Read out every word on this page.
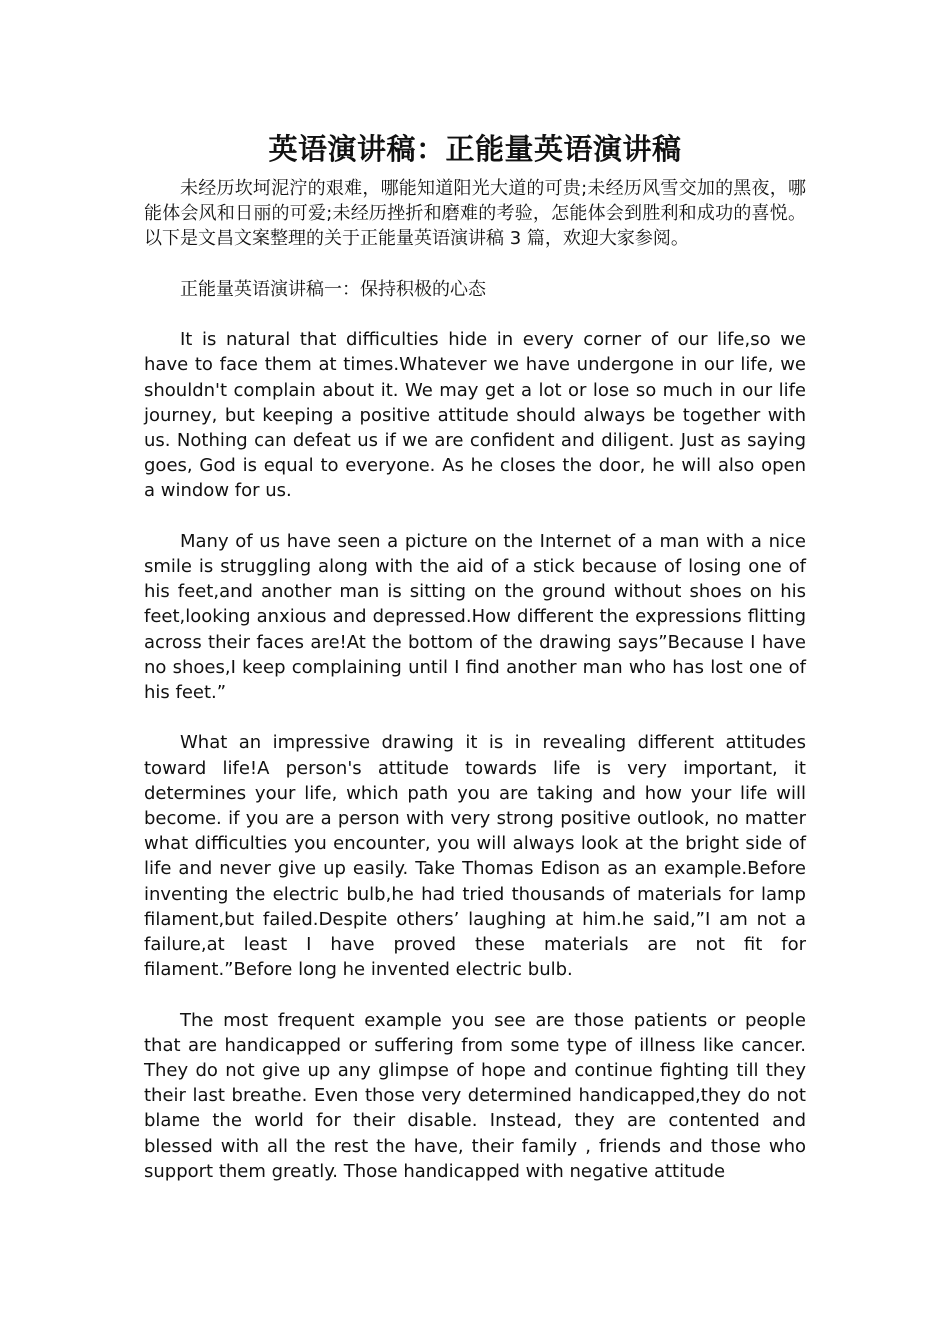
英语演讲稿：正能量英语演讲稿

未经历坎坷泥泞的艰难，哪能知道阳光大道的可贵;未经历风雪交加的黑夜，哪能体会风和日丽的可爱;未经历挫折和磨难的考验，怎能体会到胜利和成功的喜悦。以下是文昌文案整理的关于正能量英语演讲稿 3 篇，欢迎大家参阅。

正能量英语演讲稿一：保持积极的心态

It is natural that difficulties hide in every corner of our life,so we have to face them at times.Whatever we have undergone in our life, we shouldn't complain about it. We may get a lot or lose so much in our life journey, but keeping a positive attitude should always be together with us. Nothing can defeat us if we are confident and diligent. Just as saying goes, God is equal to everyone. As he closes the door, he will also open a window for us.

Many of us have seen a picture on the Internet of a man with a nice smile is struggling along with the aid of a stick because of losing one of his feet,and another man is sitting on the ground without shoes on his feet,looking anxious and depressed.How different the expressions flitting across their faces are!At the bottom of the drawing says”Because I have no shoes,I keep complaining until I find another man who has lost one of his feet.”

What an impressive drawing it is in revealing different attitudes toward life!A person's attitude towards life is very important, it determines your life, which path you are taking and how your life will become. if you are a person with very strong positive outlook, no matter what difficulties you encounter, you will always look at the bright side of life and never give up easily. Take Thomas Edison as an example.Before inventing the electric bulb,he had tried thousands of materials for lamp filament,but failed.Despite others’ laughing at him.he said,”I am not a failure,at least I have proved these materials are not fit for filament.”Before long he invented electric bulb.

The most frequent example you see are those patients or people that are handicapped or suffering from some type of illness like cancer. They do not give up any glimpse of hope and continue fighting till they their last breathe. Even those very determined handicapped,they do not blame the world for their disable. Instead, they are contented and blessed with all the rest the have, their family , friends and those who support them greatly. Those handicapped with negative attitude
